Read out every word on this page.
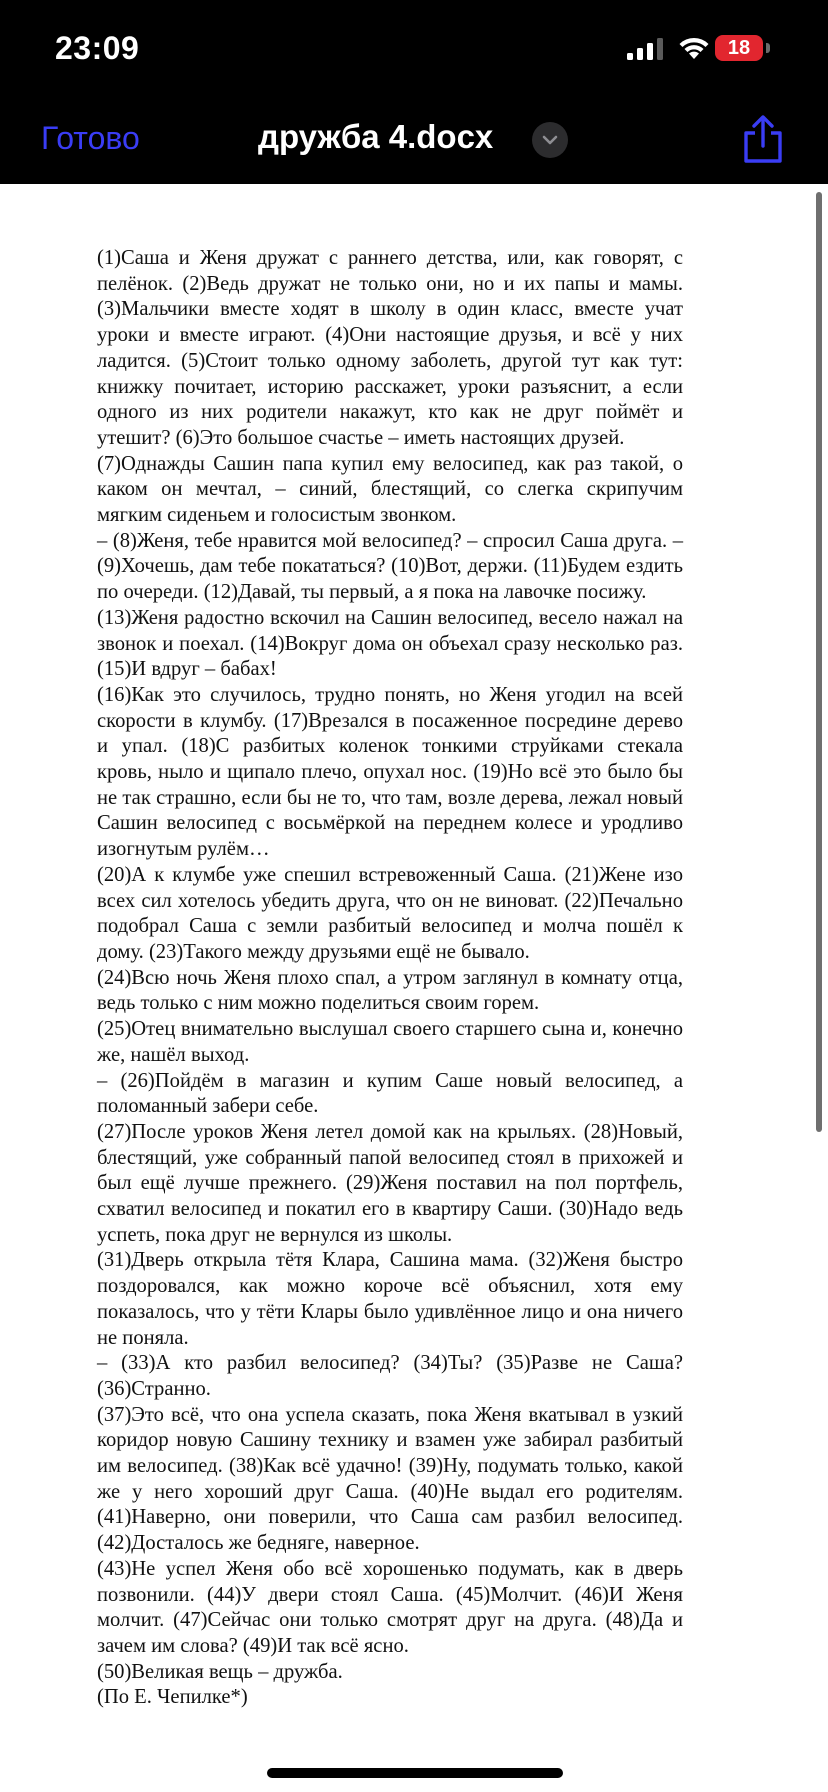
23:09	18
Готово	дружба 4.docx

(1)Саша и Женя дружат с раннего детства, или, как говорят, с пелёнок. (2)Ведь дружат не только они, но и их папы и мамы. (3)Мальчики вместе ходят в школу в один класс, вместе учат уроки и вместе играют. (4)Они настоящие друзья, и всё у них ладится. (5)Стоит только одному заболеть, другой тут как тут: книжку почитает, историю расскажет, уроки разъяснит, а если одного из них родители накажут, кто как не друг поймёт и утешит? (6)Это большое счастье – иметь настоящих друзей.

(7)Однажды Сашин папа купил ему велосипед, как раз такой, о каком он мечтал, – синий, блестящий, со слегка скрипучим мягким сиденьем и голосистым звонком.

– (8)Женя, тебе нравится мой велосипед? – спросил Саша друга. – (9)Хочешь, дам тебе покататься? (10)Вот, держи. (11)Будем ездить по очереди. (12)Давай, ты первый, а я пока на лавочке посижу.

(13)Женя радостно вскочил на Сашин велосипед, весело нажал на звонок и поехал. (14)Вокруг дома он объехал сразу несколько раз. (15)И вдруг – бабах!

(16)Как это случилось, трудно понять, но Женя угодил на всей скорости в клумбу. (17)Врезался в посаженное посредине дерево и упал. (18)С разбитых коленок тонкими струйками стекала кровь, ныло и щипало плечо, опухал нос. (19)Но всё это было бы не так страшно, если бы не то, что там, возле дерева, лежал новый Сашин велосипед с восьмёркой на переднем колесе и уродливо изогнутым рулём…

(20)А к клумбе уже спешил встревоженный Саша. (21)Жене изо всех сил хотелось убедить друга, что он не виноват. (22)Печально подобрал Саша с земли разбитый велосипед и молча пошёл к дому. (23)Такого между друзьями ещё не бывало.

(24)Всю ночь Женя плохо спал, а утром заглянул в комнату отца, ведь только с ним можно поделиться своим горем.

(25)Отец внимательно выслушал своего старшего сына и, конечно же, нашёл выход.

– (26)Пойдём в магазин и купим Саше новый велосипед, а поломанный забери себе.

(27)После уроков Женя летел домой как на крыльях. (28)Новый, блестящий, уже собранный папой велосипед стоял в прихожей и был ещё лучше прежнего. (29)Женя поставил на пол портфель, схватил велосипед и покатил его в квартиру Саши. (30)Надо ведь успеть, пока друг не вернулся из школы.

(31)Дверь открыла тётя Клара, Сашина мама. (32)Женя быстро поздоровался, как можно короче всё объяснил, хотя ему показалось, что у тёти Клары было удивлённое лицо и она ничего не поняла.

– (33)А кто разбил велосипед? (34)Ты? (35)Разве не Саша? (36)Странно.

(37)Это всё, что она успела сказать, пока Женя вкатывал в узкий коридор новую Сашину технику и взамен уже забирал разбитый им велосипед. (38)Как всё удачно! (39)Ну, подумать только, какой же у него хороший друг Саша. (40)Не выдал его родителям. (41)Наверно, они поверили, что Саша сам разбил велосипед. (42)Досталось же бедняге, наверное.

(43)Не успел Женя обо всё хорошенько подумать, как в дверь позвонили. (44)У двери стоял Саша. (45)Молчит. (46)И Женя молчит. (47)Сейчас они только смотрят друг на друга. (48)Да и зачем им слова? (49)И так всё ясно.

(50)Великая вещь – дружба.

(По Е. Чепилке*)
